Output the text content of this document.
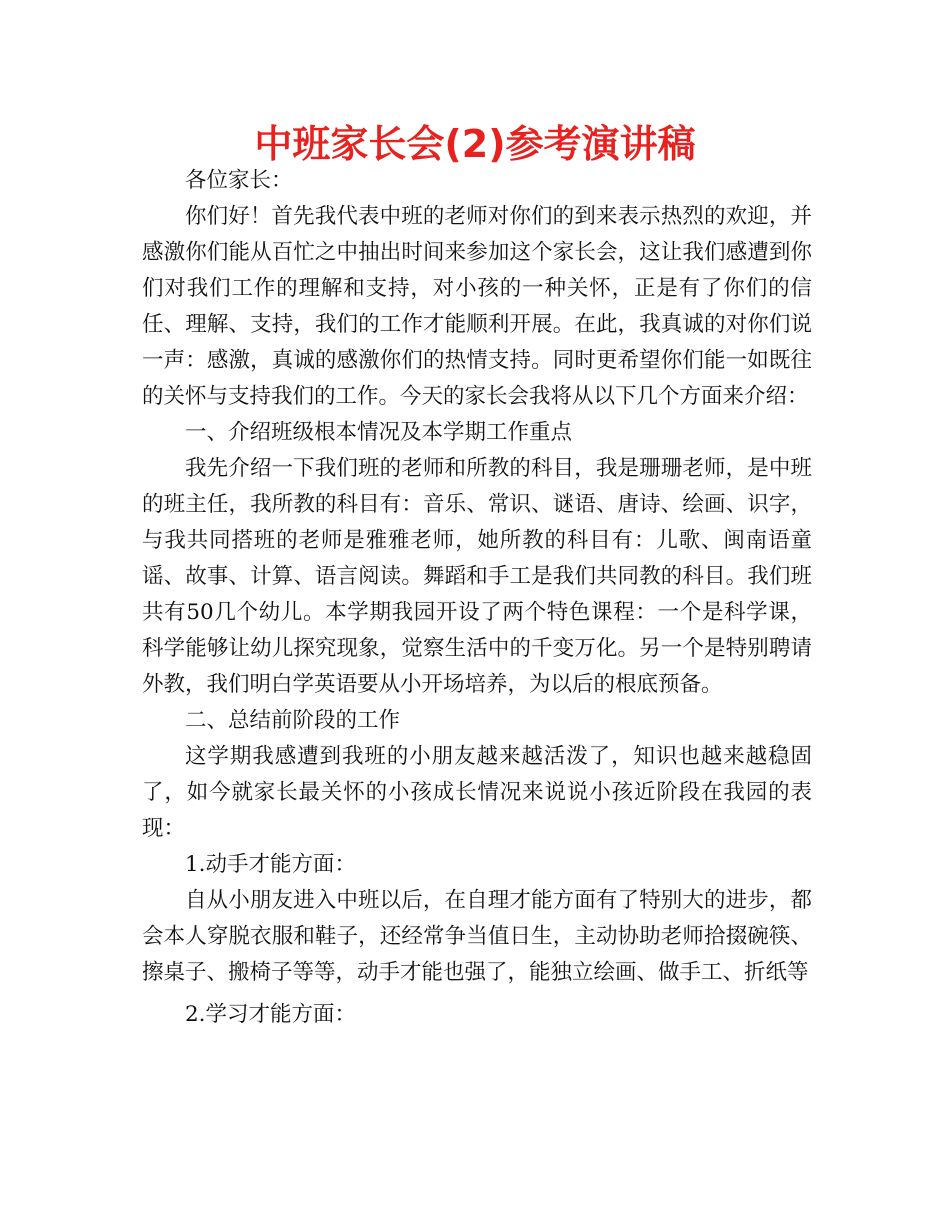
中班家长会(2)参考演讲稿

各位家长：

你们好！首先我代表中班的老师对你们的到来表示热烈的欢迎，并感激你们能从百忙之中抽出时间来参加这个家长会，这让我们感遭到你们对我们工作的理解和支持，对小孩的一种关怀，正是有了你们的信任、理解、支持，我们的工作才能顺利开展。在此，我真诚的对你们说一声：感激，真诚的感激你们的热情支持。同时更希望你们能一如既往的关怀与支持我们的工作。今天的家长会我将从以下几个方面来介绍：

一、介绍班级根本情况及本学期工作重点

我先介绍一下我们班的老师和所教的科目，我是珊珊老师，是中班的班主任，我所教的科目有：音乐、常识、谜语、唐诗、绘画、识字，与我共同搭班的老师是雅雅老师，她所教的科目有：儿歌、闽南语童谣、故事、计算、语言阅读。舞蹈和手工是我们共同教的科目。我们班共有50几个幼儿。本学期我园开设了两个特色课程：一个是科学课，科学能够让幼儿探究现象，觉察生活中的千变万化。另一个是特别聘请外教，我们明白学英语要从小开场培养，为以后的根底预备。

二、总结前阶段的工作

这学期我感遭到我班的小朋友越来越活泼了，知识也越来越稳固了，如今就家长最关怀的小孩成长情况来说说小孩近阶段在我园的表现：

1.动手才能方面：

自从小朋友进入中班以后，在自理才能方面有了特别大的进步，都会本人穿脱衣服和鞋子，还经常争当值日生，主动协助老师拾掇碗筷、擦桌子、搬椅子等等，动手才能也强了，能独立绘画、做手工、折纸等

2.学习才能方面：
